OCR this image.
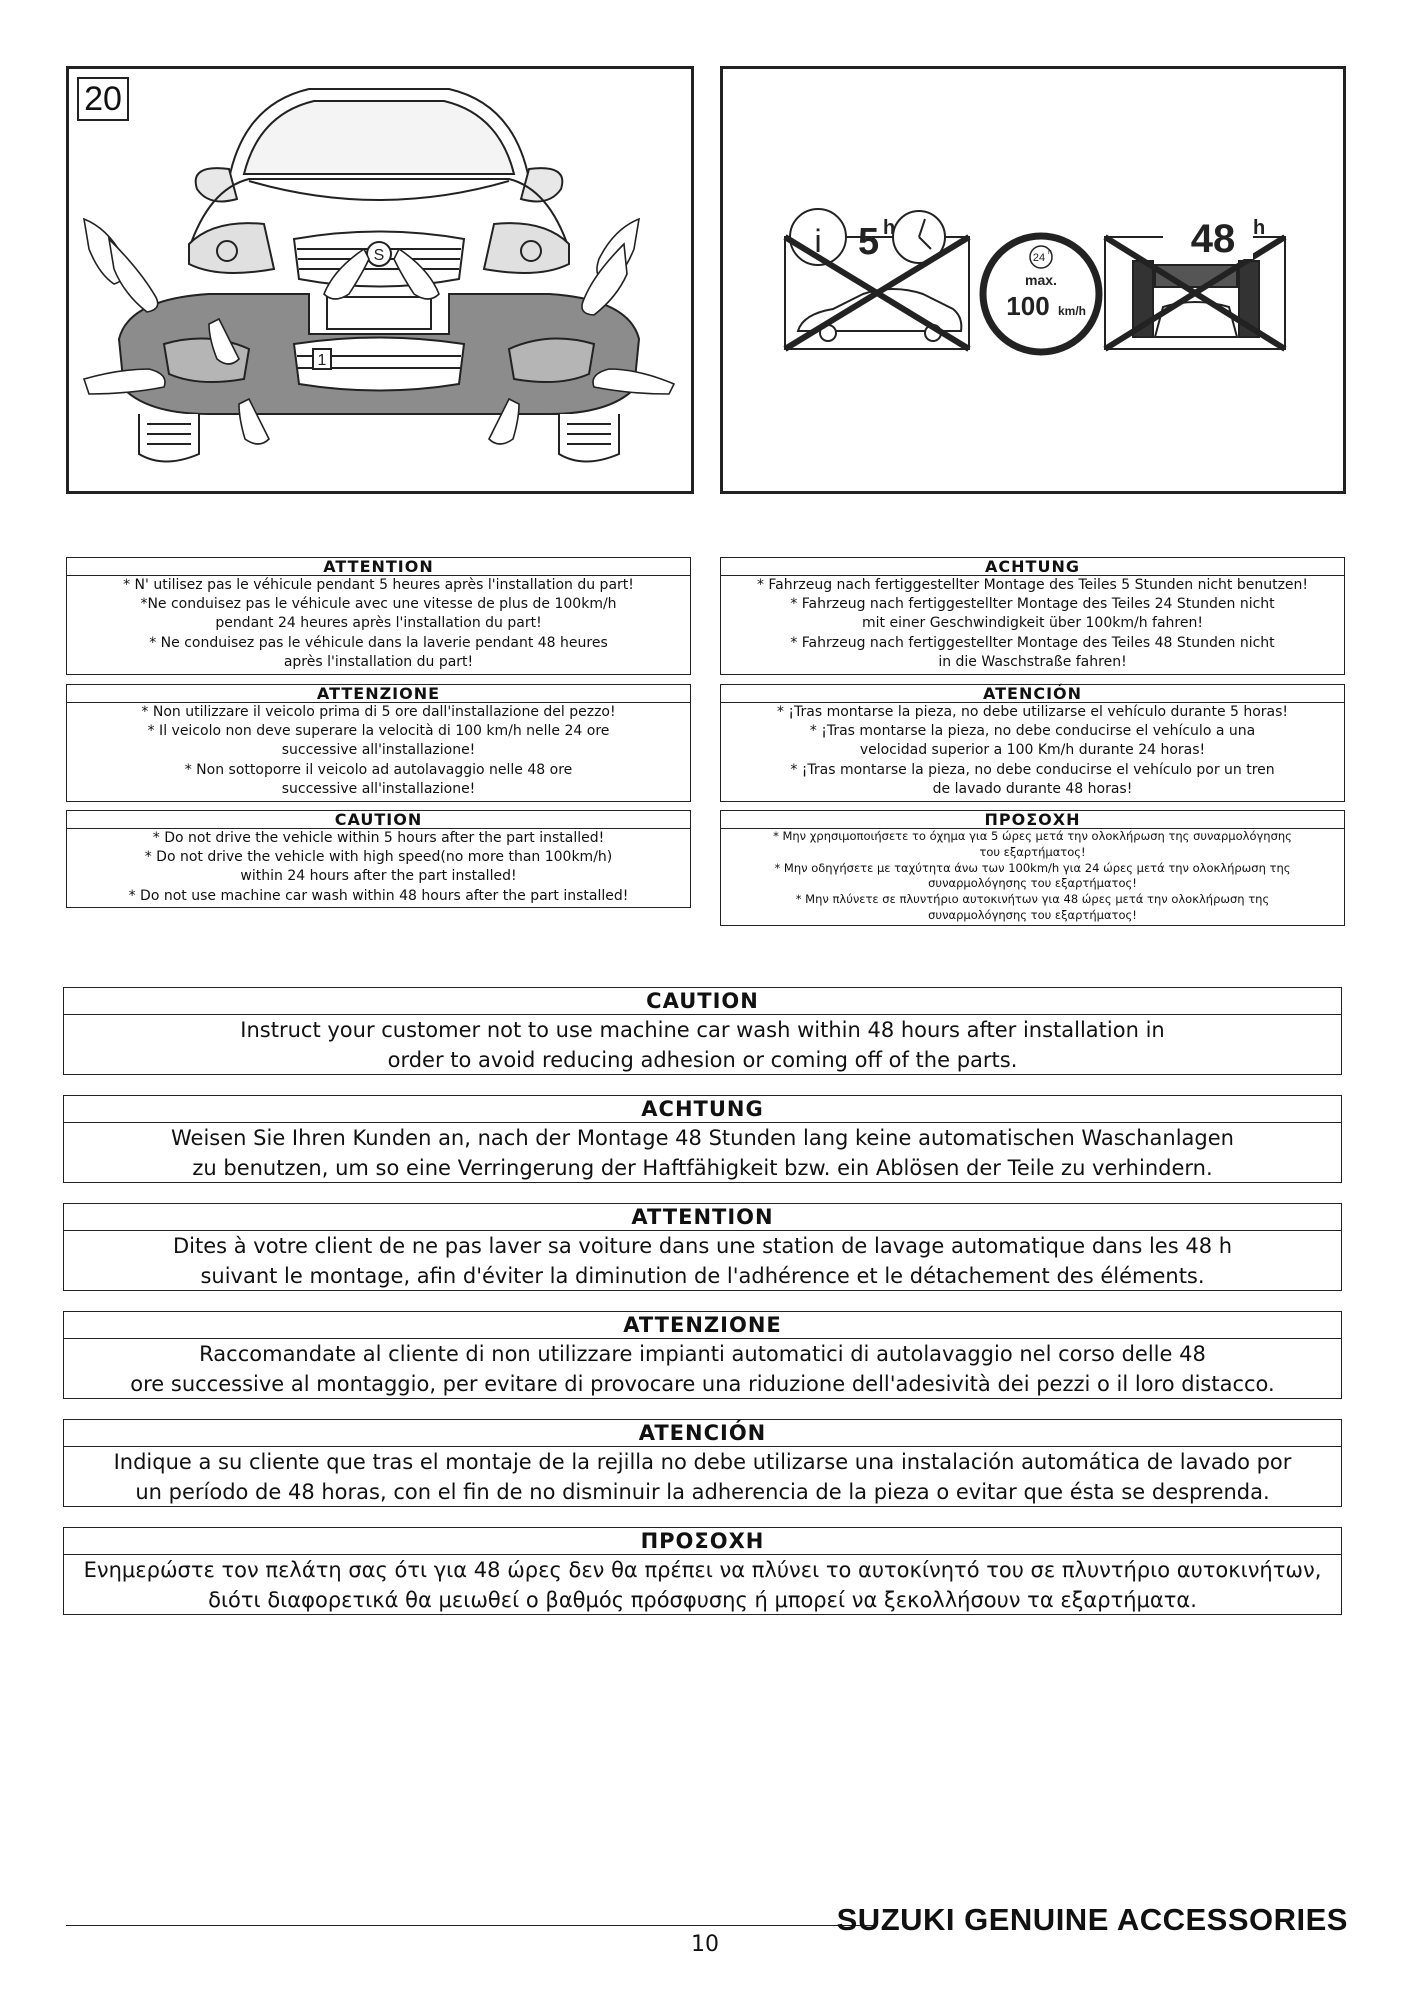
20
S
1
i 5 h
24 h
max.
100 km/h
48 h
ATTENTION
* N' utilisez pas le véhicule pendant 5 heures après l'installation du part!
*Ne conduisez pas le véhicule avec une vitesse de plus de 100km/h
pendant 24 heures après l'installation du part!
* Ne conduisez pas le véhicule dans la laverie pendant 48 heures
après l'installation du part!
ACHTUNG
* Fahrzeug nach fertiggestellter Montage des Teiles 5 Stunden nicht benutzen!
* Fahrzeug nach fertiggestellter Montage des Teiles 24 Stunden nicht
mit einer Geschwindigkeit über 100km/h fahren!
* Fahrzeug nach fertiggestellter Montage des Teiles 48 Stunden nicht
in die Waschstraße fahren!
ATTENZIONE
* Non utilizzare il veicolo prima di 5 ore dall'installazione del pezzo!
* Il veicolo non deve superare la velocità di 100 km/h nelle 24 ore
successive all'installazione!
* Non sottoporre il veicolo ad autolavaggio nelle 48 ore
successive all'installazione!
ATENCIÓN
* ¡Tras montarse la pieza, no debe utilizarse el vehículo durante 5 horas!
* ¡Tras montarse la pieza, no debe conducirse el vehículo a una
velocidad superior a 100 Km/h durante 24 horas!
* ¡Tras montarse la pieza, no debe conducirse el vehículo por un tren
de lavado durante 48 horas!
CAUTION
* Do not drive the vehicle within 5 hours after the part installed!
* Do not drive the vehicle with high speed(no more than 100km/h)
within 24 hours after the part installed!
* Do not use machine car wash within 48 hours after the part installed!
ΠΡΟΣΟΧΗ
* Μην χρησιμοποιήσετε το όχημα για 5 ώρες μετά την ολοκλήρωση της συναρμολόγησης
του εξαρτήματος!
* Μην οδηγήσετε με ταχύτητα άνω των 100km/h για 24 ώρες μετά την ολοκλήρωση της
συναρμολόγησης του εξαρτήματος!
* Μην πλύνετε σε πλυντήριο αυτοκινήτων για 48 ώρες μετά την ολοκλήρωση της
συναρμολόγησης του εξαρτήματος!
CAUTION
Instruct your customer not to use machine car wash within 48 hours after installation in
order to avoid reducing adhesion or coming off of the parts.
ACHTUNG
Weisen Sie Ihren Kunden an, nach der Montage 48 Stunden lang keine automatischen Waschanlagen
zu benutzen, um so eine Verringerung der Haftfähigkeit bzw. ein Ablösen der Teile zu verhindern.
ATTENTION
Dites à votre client de ne pas laver sa voiture dans une station de lavage automatique dans les 48 h
suivant le montage, afin d'éviter la diminution de l'adhérence et le détachement des éléments.
ATTENZIONE
Raccomandate al cliente di non utilizzare impianti automatici di autolavaggio nel corso delle 48
ore successive al montaggio, per evitare di provocare una riduzione dell'adesività dei pezzi o il loro distacco.
ATENCIÓN
Indique a su cliente que tras el montaje de la rejilla no debe utilizarse una instalación automática de lavado por
un período de 48 horas, con el fin de no disminuir la adherencia de la pieza o evitar que ésta se desprenda.
ΠΡΟΣΟΧΗ
Ενημερώστε τον πελάτη σας ότι για 48 ώρες δεν θα πρέπει να πλύνει το αυτοκίνητό του σε πλυντήριο αυτοκινήτων,
διότι διαφορετικά θα μειωθεί ο βαθμός πρόσφυσης ή μπορεί να ξεκολλήσουν τα εξαρτήματα.
SUZUKI GENUINE ACCESSORIES
10
